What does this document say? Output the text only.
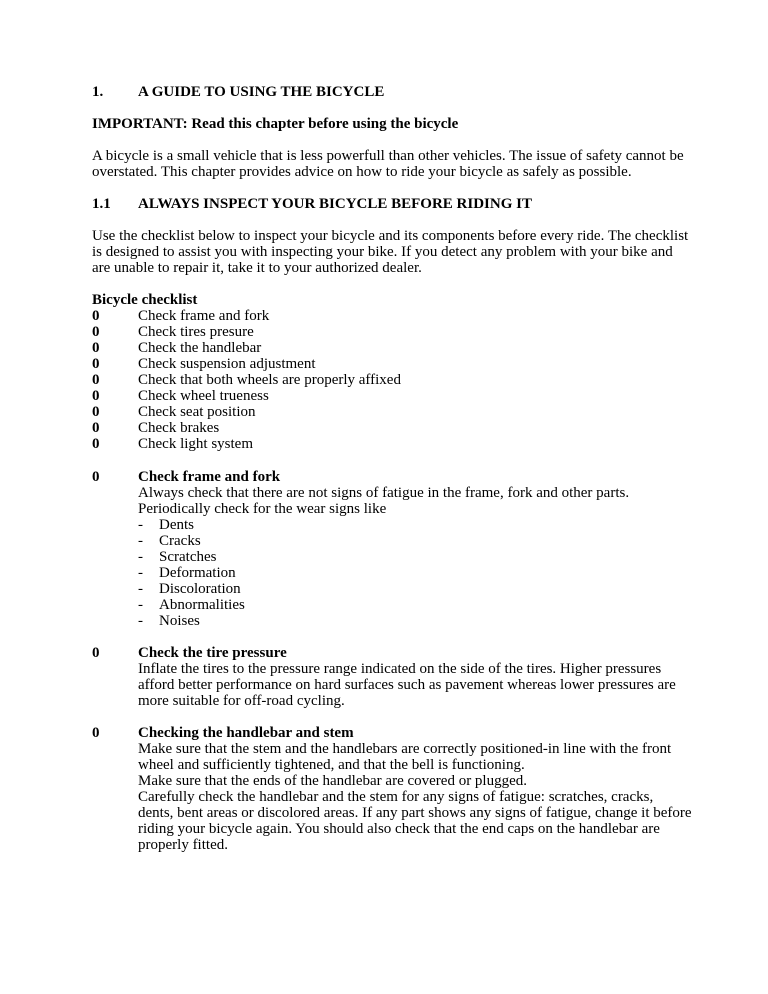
1.	A GUIDE TO USING THE BICYCLE

IMPORTANT: Read this chapter before using the bicycle

A bicycle is a small vehicle that is less powerfull than other vehicles. The issue of safety cannot be overstated. This chapter provides advice on how to ride your bicycle as safely as possible.

1.1	ALWAYS INSPECT YOUR BICYCLE BEFORE RIDING IT

Use the checklist below to inspect your bicycle and its components before every ride. The checklist is designed to assist you with inspecting your bike. If you detect any problem with your bike and are unable to repair it, take it to your authorized dealer.

Bicycle checklist
0	Check frame and fork
0	Check tires presure
0	Check the handlebar
0	Check suspension adjustment
0	Check that both wheels are properly affixed
0	Check wheel trueness
0	Check seat position
0	Check brakes
0	Check light system
0	Check frame and fork
Always check that there are not signs of fatigue in the frame, fork and other parts.
Periodically check for the wear signs like
-	Dents
-	Cracks
-	Scratches
-	Deformation
-	Discoloration
-	Abnormalities
-	Noises
0	Check the tire pressure
Inflate the tires to the pressure range indicated on the side of the tires. Higher pressures afford better performance on hard surfaces such as pavement whereas lower pressures are more suitable for off-road cycling.
0	Checking the handlebar and stem
Make sure that the stem and the handlebars are correctly positioned-in line with the front wheel and sufficiently tightened, and that the bell is functioning.
Make sure that the ends of the handlebar are covered or plugged.
Carefully check the handlebar and the stem for any signs of fatigue: scratches, cracks, dents, bent areas or discolored areas. If any part shows any signs of fatigue, change it before riding your bicycle again. You should also check that the end caps on the handlebar are properly fitted.
